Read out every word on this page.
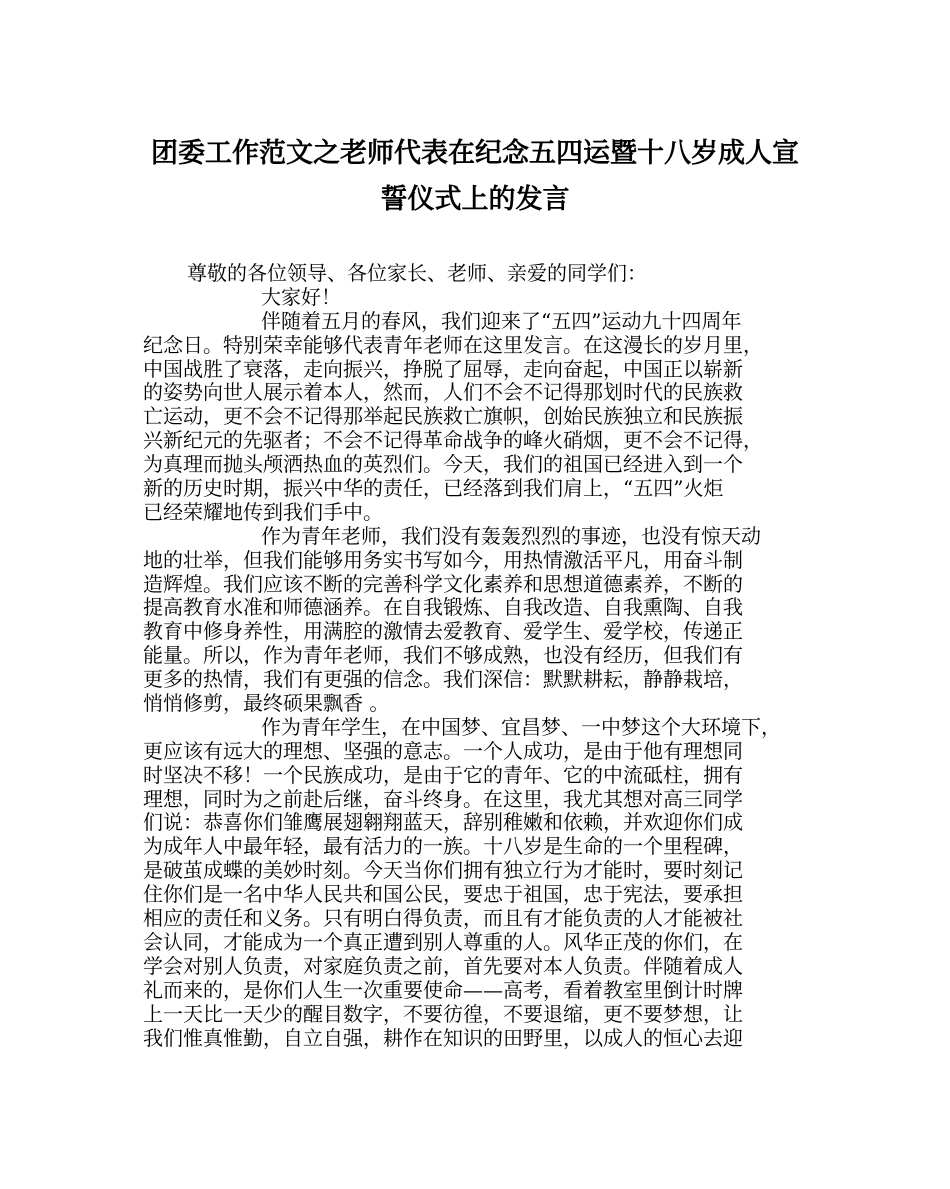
团委工作范文之老师代表在纪念五四运暨十八岁成人宣
誓仪式上的发言
尊敬的各位领导、各位家长、老师、亲爱的同学们：
大家好！
伴随着五月的春风，我们迎来了“五四”运动九十四周年
纪念日。特别荣幸能够代表青年老师在这里发言。在这漫长的岁月里，
中国战胜了衰落，走向振兴，挣脱了屈辱，走向奋起，中国正以崭新
的姿势向世人展示着本人，然而，人们不会不记得那划时代的民族救
亡运动，更不会不记得那举起民族救亡旗帜，创始民族独立和民族振
兴新纪元的先驱者；不会不记得革命战争的峰火硝烟，更不会不记得，
为真理而抛头颅洒热血的英烈们。今天，我们的祖国已经进入到一个
新的历史时期，振兴中华的责任，已经落到我们肩上，“五四”火炬
已经荣耀地传到我们手中。
作为青年老师，我们没有轰轰烈烈的事迹，也没有惊天动
地的壮举，但我们能够用务实书写如今，用热情激活平凡，用奋斗制
造辉煌。我们应该不断的完善科学文化素养和思想道德素养，不断的
提高教育水准和师德涵养。在自我锻炼、自我改造、自我熏陶、自我
教育中修身养性，用满腔的激情去爱教育、爱学生、爱学校，传递正
能量。所以，作为青年老师，我们不够成熟，也没有经历，但我们有
更多的热情，我们有更强的信念。我们深信：默默耕耘，静静栽培，
悄悄修剪，最终硕果飘香 。
作为青年学生，在中国梦、宜昌梦、一中梦这个大环境下，
更应该有远大的理想、坚强的意志。一个人成功，是由于他有理想同
时坚决不移！一个民族成功，是由于它的青年、它的中流砥柱，拥有
理想，同时为之前赴后继，奋斗终身。在这里，我尤其想对高三同学
们说：恭喜你们雏鹰展翅翱翔蓝天，辞别稚嫩和依赖，并欢迎你们成
为成年人中最年轻，最有活力的一族。十八岁是生命的一个里程碑，
是破茧成蝶的美妙时刻。今天当你们拥有独立行为才能时，要时刻记
住你们是一名中华人民共和国公民，要忠于祖国，忠于宪法，要承担
相应的责任和义务。只有明白得负责，而且有才能负责的人才能被社
会认同，才能成为一个真正遭到别人尊重的人。风华正茂的你们，在
学会对别人负责，对家庭负责之前，首先要对本人负责。伴随着成人
礼而来的，是你们人生一次重要使命——高考，看着教室里倒计时牌
上一天比一天少的醒目数字，不要彷徨，不要退缩，更不要梦想，让
我们惟真惟勤，自立自强，耕作在知识的田野里，以成人的恒心去迎
